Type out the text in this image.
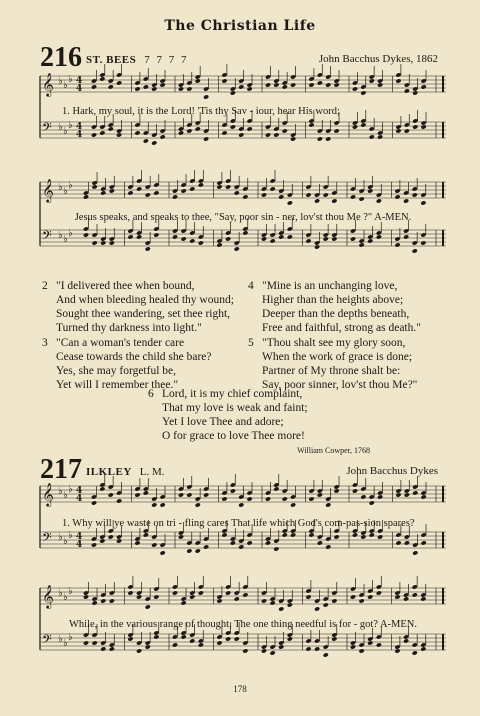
The Christian Life
216 ST. BEES 7 7 7 7	John Bacchus Dykes, 1862
𝄞 ♭ ♭
♭
4
4
𝄢 ♭ ♭
♭
4
4
1. Hark, my soul, it is the Lord! 'Tis thy Sav - iour, hear His word;
𝄞 ♭ ♭
♭
𝄢 ♭ ♭
♭
Jesus speaks, and speaks to thee, "Say, poor sin - ner, lov'st thou Me ?" A-MEN.
2 "I delivered thee when bound,
And when bleeding healed thy wound;
Sought thee wandering, set thee right,
Turned thy darkness into light."
3 "Can a woman's tender care
Cease towards the child she bare?
Yes, she may forgetful be,
Yet will I remember thee."
4 "Mine is an unchanging love,
Higher than the heights above;
Deeper than the depths beneath,
Free and faithful, strong as death."
5 "Thou shalt see my glory soon,
When the work of grace is done;
Partner of My throne shalt be:
Say, poor sinner, lov'st thou Me?"
6 Lord, it is my chief complaint,
That my love is weak and faint;
Yet I love Thee and adore;
O for grace to love Thee more!
William Cowper, 1768
217 ILKLEY L. M.	John Bacchus Dykes
𝄞 ♭ ♭
♭
4
4
𝄢 ♭ ♭
♭
4
4
1. Why will ye waste on tri - fling cares That life which God's com-pas-sion spares?
𝄞 ♭ ♭
♭
𝄢 ♭ ♭
♭
While, in the various range of thought, The one thing needful is for - got? A-MEN.
178
